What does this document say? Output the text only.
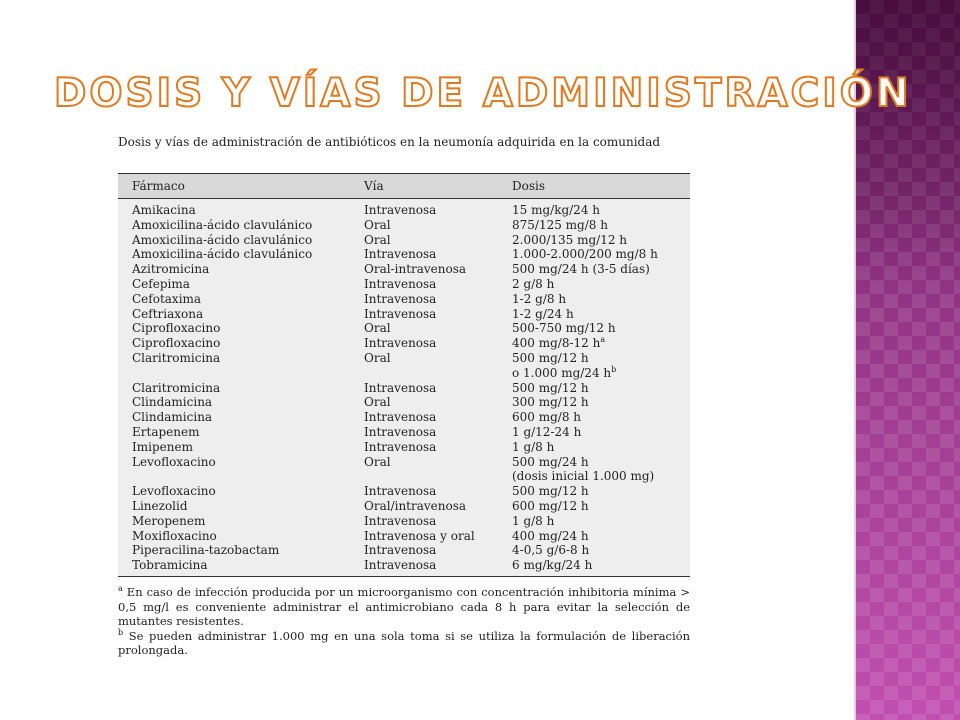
DOSIS Y VÍAS DE ADMINISTRACIÓN
Dosis y vías de administración de antibióticos en la neumonía adquirida en la comunidad
Fármaco	Vía	Dosis
Amikacina	Intravenosa	15 mg/kg/24 h
Amoxicilina-ácido clavulánico	Oral	875/125 mg/8 h
Amoxicilina-ácido clavulánico	Oral	2.000/135 mg/12 h
Amoxicilina-ácido clavulánico	Intravenosa	1.000-2.000/200 mg/8 h
Azitromicina	Oral-intravenosa	500 mg/24 h (3-5 días)
Cefepima	Intravenosa	2 g/8 h
Cefotaxima	Intravenosa	1-2 g/8 h
Ceftriaxona	Intravenosa	1-2 g/24 h
Ciprofloxacino	Oral	500-750 mg/12 h
Ciprofloxacino	Intravenosa	400 mg/8-12 $h^a$
Claritromicina	Oral	500 mg/12 h
o 1.000 mg/24 $h^b$
Claritromicina	Intravenosa	500 mg/12 h
Clindamicina	Oral	300 mg/12 h
Clindamicina	Intravenosa	600 mg/8 h
Ertapenem	Intravenosa	1 g/12-24 h
Imipenem	Intravenosa	1 g/8 h
Levofloxacino	Oral	500 mg/24 h
(dosis inicial 1.000 mg)
Levofloxacino	Intravenosa	500 mg/12 h
Linezolid	Oral/intravenosa	600 mg/12 h
Meropenem	Intravenosa	1 g/8 h
Moxifloxacino	Intravenosa y oral	400 mg/24 h
Piperacilina-tazobactam	Intravenosa	4-0,5 g/6-8 h
Tobramicina	Intravenosa	6 mg/kg/24 h

$^a$ En caso de infección producida por un microorganismo con concentración inhibitoria mínima > 0,5 mg/l es conveniente administrar el antimicrobiano cada 8 h para evitar la selección de mutantes resistentes.

$^b$ Se pueden administrar 1.000 mg en una sola toma si se utiliza la formulación de liberación prolongada.
